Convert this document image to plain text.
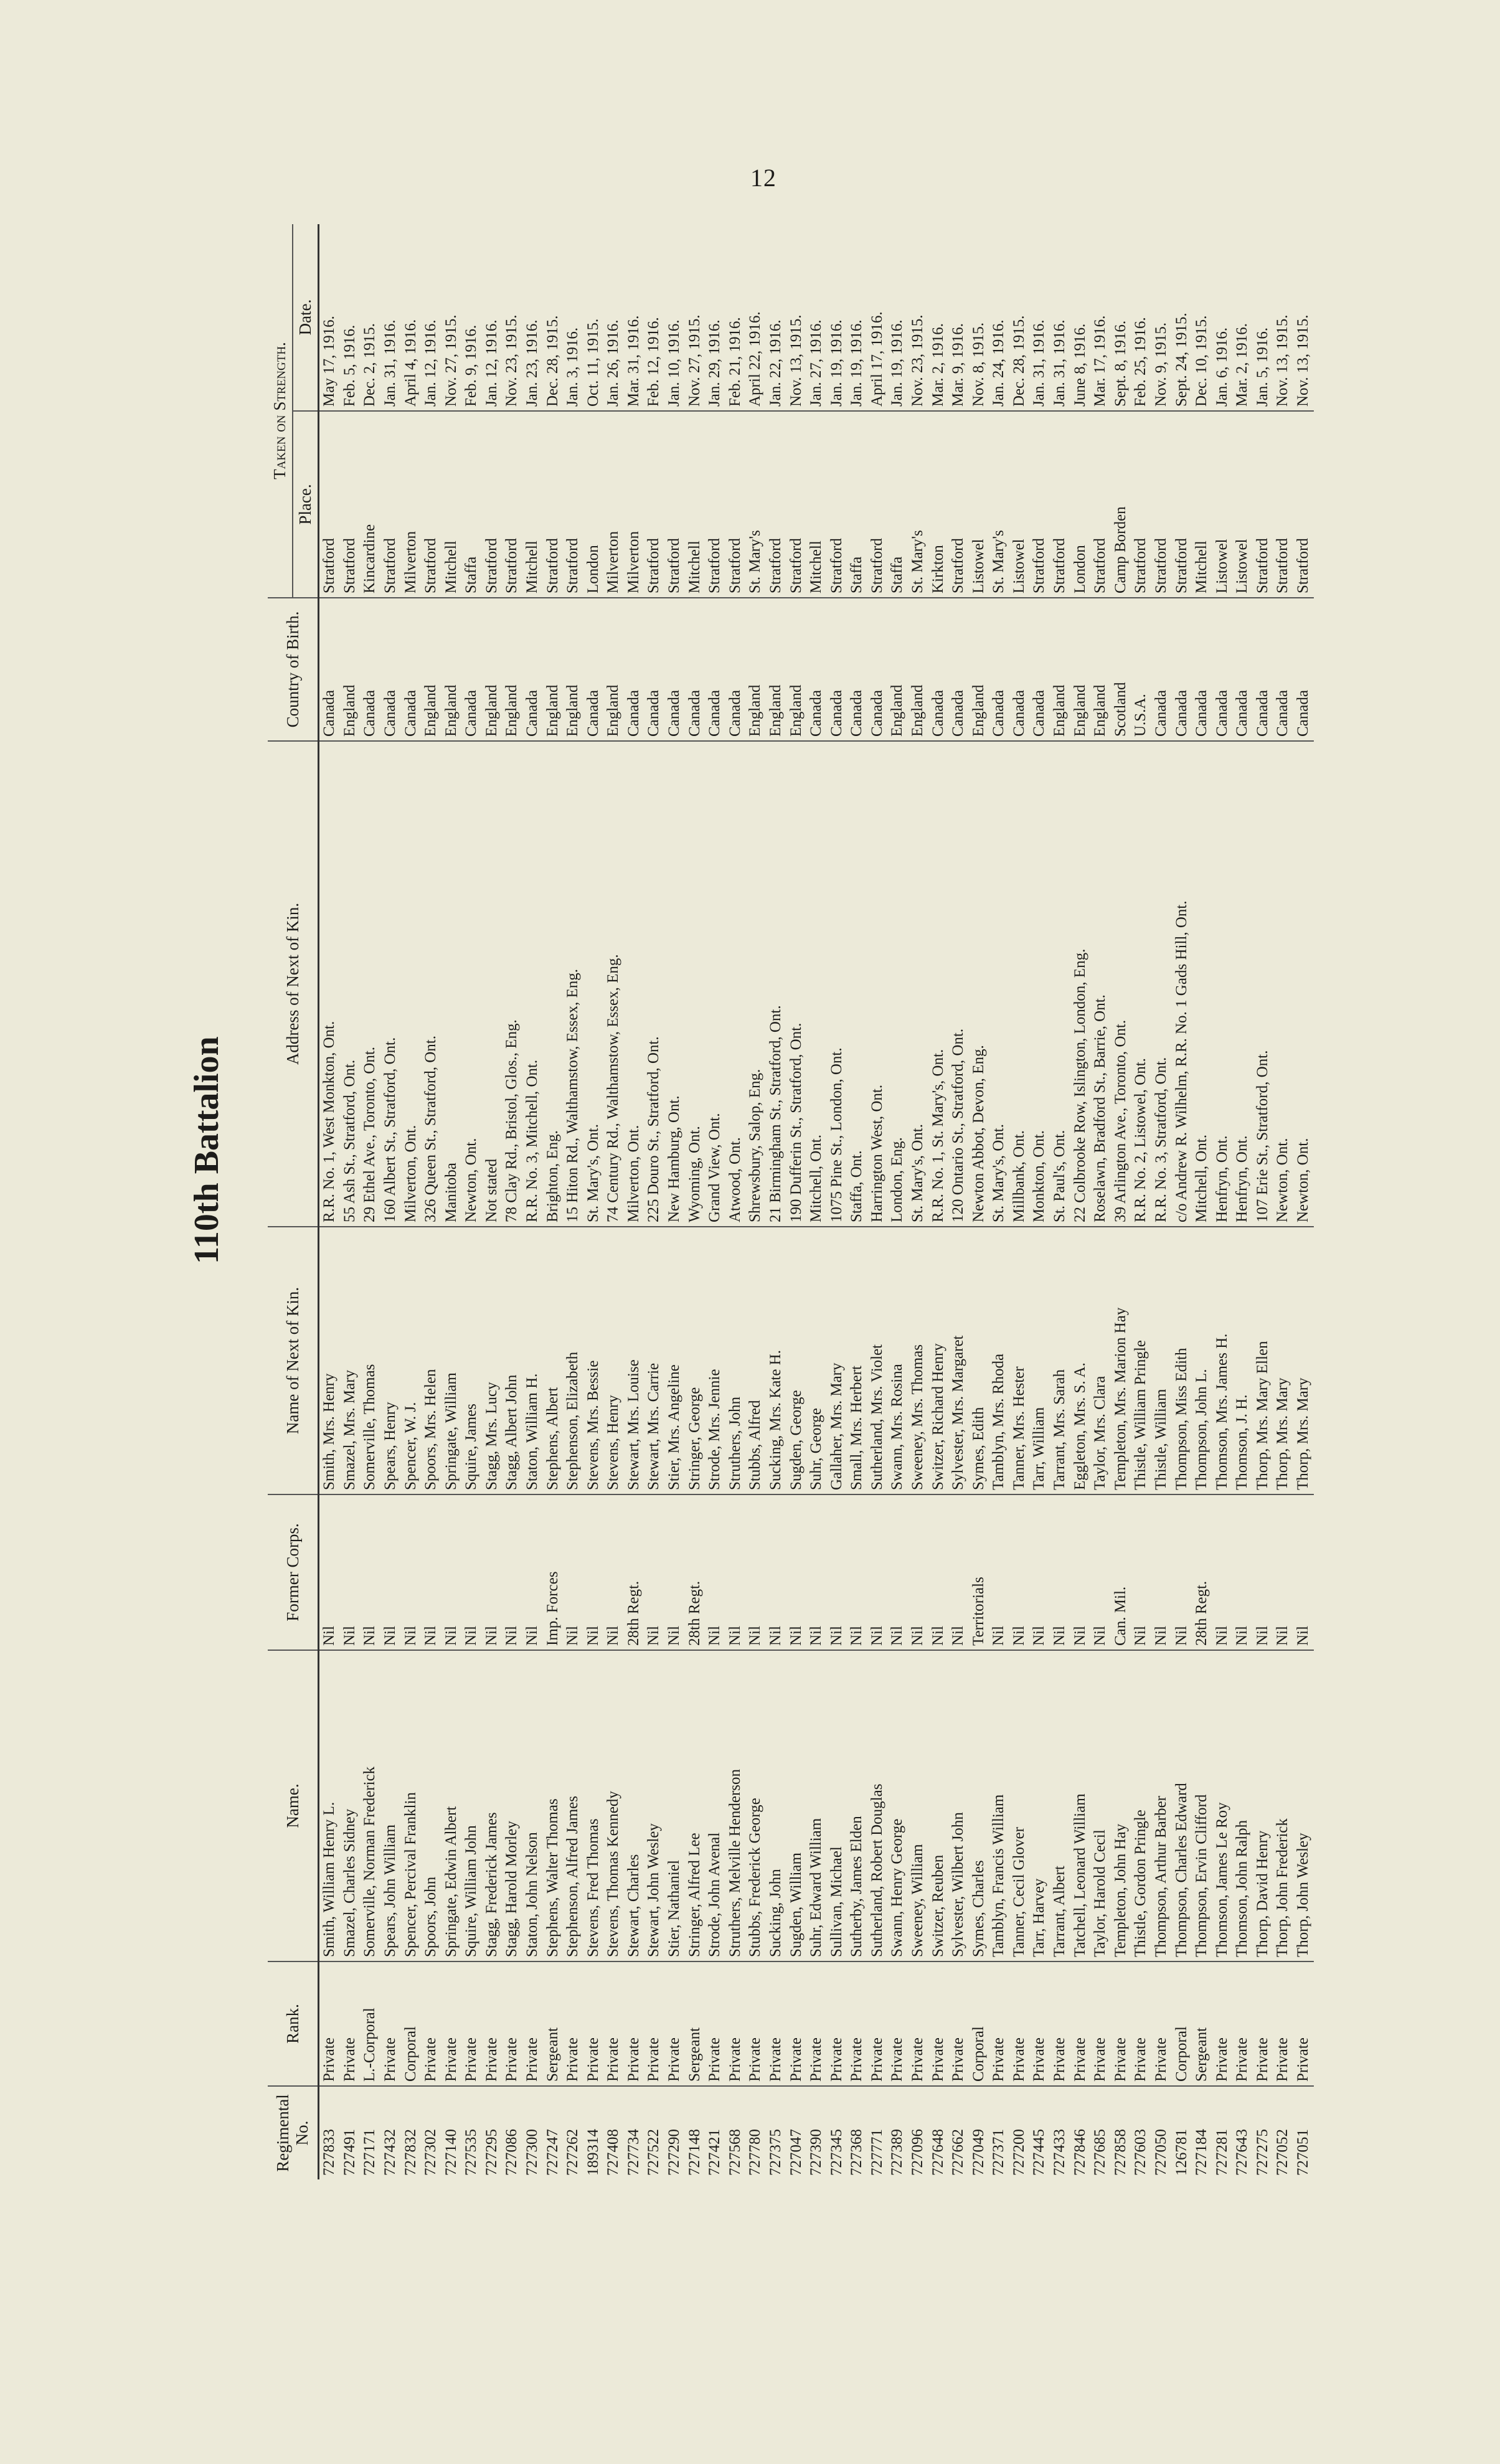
12
110th Battalion
Regimental No.	Rank.	Name.	Former Corps.	Name of Next of Kin.	Address of Next of Kin.	Country of Birth.	Taken on Strength.	
							Place.	Date.
727833	Private	Smith, William Henry L.	Nil	Smith, Mrs. Henry	R.R. No. 1, West Monkton, Ont.	Canada	Stratford	May 17, 1916.
727491	Private	Smazel, Charles Sidney	Nil	Smazel, Mrs. Mary	55 Ash St., Stratford, Ont.	England	Stratford	Feb. 5, 1916.
727171	L.-Corporal	Somerville, Norman Frederick	Nil	Somerville, Thomas	29 Ethel Ave., Toronto, Ont.	Canada	Kincardine	Dec. 2, 1915.
727432	Private	Spears, John William	Nil	Spears, Henry	160 Albert St., Stratford, Ont.	Canada	Stratford	Jan. 31, 1916.
727832	Corporal	Spencer, Percival Franklin	Nil	Spencer, W. J.	Milverton, Ont.	Canada	Milverton	April 4, 1916.
727302	Private	Spoors, John	Nil	Spoors, Mrs. Helen	326 Queen St., Stratford, Ont.	England	Stratford	Jan. 12, 1916.
727140	Private	Springate, Edwin Albert	Nil	Springate, William	Manitoba	England	Mitchell	Nov. 27, 1915.
727535	Private	Squire, William John	Nil	Squire, James	Newton, Ont.	Canada	Staffa	Feb. 9, 1916.
727295	Private	Stagg, Frederick James	Nil	Stagg, Mrs. Lucy	Not stated	England	Stratford	Jan. 12, 1916.
727086	Private	Stagg, Harold Morley	Nil	Stagg, Albert John	78 Clay Rd., Bristol, Glos., Eng.	England	Stratford	Nov. 23, 1915.
727300	Private	Staton, John Nelson	Nil	Staton, William H.	R.R. No. 3, Mitchell, Ont.	Canada	Mitchell	Jan. 23, 1916.
727247	Sergeant	Stephens, Walter Thomas	Imp. Forces	Stephens, Albert	Brighton, Eng.	England	Stratford	Dec. 28, 1915.
727262	Private	Stephenson, Alfred James	Nil	Stephenson, Elizabeth	15 Hiton Rd., Walthamstow, Essex, Eng.	England	Stratford	Jan. 3, 1916.
189314	Private	Stevens, Fred Thomas	Nil	Stevens, Mrs. Bessie	St. Mary's, Ont.	Canada	London	Oct. 11, 1915.
727408	Private	Stevens, Thomas Kennedy	Nil	Stevens, Henry	74 Century Rd., Walthamstow, Essex, Eng.	England	Milverton	Jan. 26, 1916.
727734	Private	Stewart, Charles	28th Regt.	Stewart, Mrs. Louise	Milverton, Ont.	Canada	Milverton	Mar. 31, 1916.
727522	Private	Stewart, John Wesley	Nil	Stewart, Mrs. Carrie	225 Douro St., Stratford, Ont.	Canada	Stratford	Feb. 12, 1916.
727290	Private	Stier, Nathaniel	Nil	Stier, Mrs. Angeline	New Hamburg, Ont.	Canada	Stratford	Jan. 10, 1916.
727148	Sergeant	Stringer, Alfred Lee	28th Regt.	Stringer, George	Wyoming, Ont.	Canada	Mitchell	Nov. 27, 1915.
727421	Private	Strode, John Avenal	Nil	Strode, Mrs. Jennie	Grand View, Ont.	Canada	Stratford	Jan. 29, 1916.
727568	Private	Struthers, Melville Henderson	Nil	Struthers, John	Atwood, Ont.	Canada	Stratford	Feb. 21, 1916.
727780	Private	Stubbs, Frederick George	Nil	Stubbs, Alfred	Shrewsbury, Salop, Eng.	England	St. Mary's	April 22, 1916.
727375	Private	Sucking, John	Nil	Sucking, Mrs. Kate H.	21 Birmingham St., Stratford, Ont.	England	Stratford	Jan. 22, 1916.
727047	Private	Sugden, William	Nil	Sugden, George	190 Dufferin St., Stratford, Ont.	England	Stratford	Nov. 13, 1915.
727390	Private	Suhr, Edward William	Nil	Suhr, George	Mitchell, Ont.	Canada	Mitchell	Jan. 27, 1916.
727345	Private	Sullivan, Michael	Nil	Gallaher, Mrs. Mary	1075 Pine St., London, Ont.	Canada	Stratford	Jan. 19, 1916.
727368	Private	Sutherby, James Elden	Nil	Small, Mrs. Herbert	Staffa, Ont.	Canada	Staffa	Jan. 19, 1916.
727771	Private	Sutherland, Robert Douglas	Nil	Sutherland, Mrs. Violet	Harrington West, Ont.	Canada	Stratford	April 17, 1916.
727389	Private	Swann, Henry George	Nil	Swann, Mrs. Rosina	London, Eng.	England	Staffa	Jan. 19, 1916.
727096	Private	Sweeney, William	Nil	Sweeney, Mrs. Thomas	St. Mary's, Ont.	England	St. Mary's	Nov. 23, 1915.
727648	Private	Switzer, Reuben	Nil	Switzer, Richard Henry	R.R. No. 1, St. Mary's, Ont.	Canada	Kirkton	Mar. 2, 1916.
727662	Private	Sylvester, Wilbert John	Nil	Sylvester, Mrs. Margaret	120 Ontario St., Stratford, Ont.	Canada	Stratford	Mar. 9, 1916.
727049	Corporal	Symes, Charles	Territorials	Symes, Edith	Newton Abbot, Devon, Eng.	England	Listowel	Nov. 8, 1915.
727371	Private	Tamblyn, Francis William	Nil	Tamblyn, Mrs. Rhoda	St. Mary's, Ont.	Canada	St. Mary's	Jan. 24, 1916.
727200	Private	Tanner, Cecil Glover	Nil	Tanner, Mrs. Hester	Millbank, Ont.	Canada	Listowel	Dec. 28, 1915.
727445	Private	Tarr, Harvey	Nil	Tarr, William	Monkton, Ont.	Canada	Stratford	Jan. 31, 1916.
727433	Private	Tarrant, Albert	Nil	Tarrant, Mrs. Sarah	St. Paul's, Ont.	England	Stratford	Jan. 31, 1916.
727846	Private	Tatchell, Leonard William	Nil	Eggleton, Mrs. S. A.	22 Colbrooke Row, Islington, London, Eng.	England	London	June 8, 1916.
727685	Private	Taylor, Harold Cecil	Nil	Taylor, Mrs. Clara	Roselawn, Bradford St., Barrie, Ont.	England	Stratford	Mar. 17, 1916.
727858	Private	Templeton, John Hay	Can. Mil.	Templeton, Mrs. Marion Hay	39 Arlington Ave., Toronto, Ont.	Scotland	Camp Borden	Sept. 8, 1916.
727603	Private	Thistle, Gordon Pringle	Nil	Thistle, William Pringle	R.R. No. 2, Listowel, Ont.	U.S.A.	Stratford	Feb. 25, 1916.
727050	Private	Thompson, Arthur Barber	Nil	Thistle, William	R.R. No. 3, Stratford, Ont.	Canada	Stratford	Nov. 9, 1915.
126781	Corporal	Thompson, Charles Edward	Nil	Thompson, Miss Edith	c/o Andrew R. Wilhelm, R.R. No. 1 Gads Hill, Ont.	Canada	Stratford	Sept. 24, 1915.
727184	Sergeant	Thompson, Ervin Clifford	28th Regt.	Thompson, John L.	Mitchell, Ont.	Canada	Mitchell	Dec. 10, 1915.
727281	Private	Thomson, James Le Roy	Nil	Thomson, Mrs. James H.	Henfryn, Ont.	Canada	Listowel	Jan. 6, 1916.
727643	Private	Thomson, John Ralph	Nil	Thomson, J. H.	Henfryn, Ont.	Canada	Listowel	Mar. 2, 1916.
727275	Private	Thorp, David Henry	Nil	Thorp, Mrs. Mary Ellen	107 Erie St., Stratford, Ont.	Canada	Stratford	Jan. 5, 1916.
727052	Private	Thorp, John Frederick	Nil	Thorp, Mrs. Mary	Newton, Ont.	Canada	Stratford	Nov. 13, 1915.
727051	Private	Thorp, John Wesley	Nil	Thorp, Mrs. Mary	Newton, Ont.	Canada	Stratford	Nov. 13, 1915.
